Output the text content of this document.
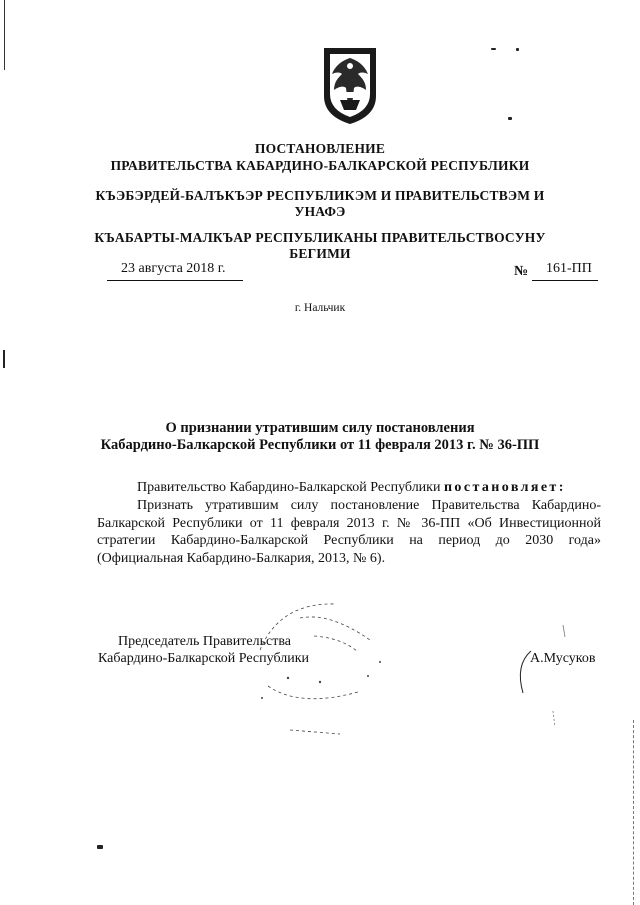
ПОСТАНОВЛЕНИЕ
ПРАВИТЕЛЬСТВА КАБАРДИНО-БАЛКАРСКОЙ РЕСПУБЛИКИ
КЪЭБЭРДЕЙ-БАЛЪКЪЭР РЕСПУБЛИКЭМ И ПРАВИТЕЛЬСТВЭМ И
УНАФЭ
КЪАБАРТЫ-МАЛКЪАР РЕСПУБЛИКАНЫ ПРАВИТЕЛЬСТВОСУНУ
БЕГИМИ
23 августа 2018 г.	№ 161-ПП
г. Нальчик
О признании утратившим силу постановления
Кабардино-Балкарской Республики от 11 февраля 2013 г. № 36-ПП
Правительство Кабардино-Балкарской Республики постановляет:
Признать утратившим силу постановление Правительства Кабардино-Балкарской Республики от 11 февраля 2013 г. № 36-ПП «Об Инвестиционной стратегии Кабардино-Балкарской Республики на период до 2030 года» (Официальная Кабардино-Балкария, 2013, № 6).
Председатель Правительства
Кабардино-Балкарской Республики	А.Мусуков
